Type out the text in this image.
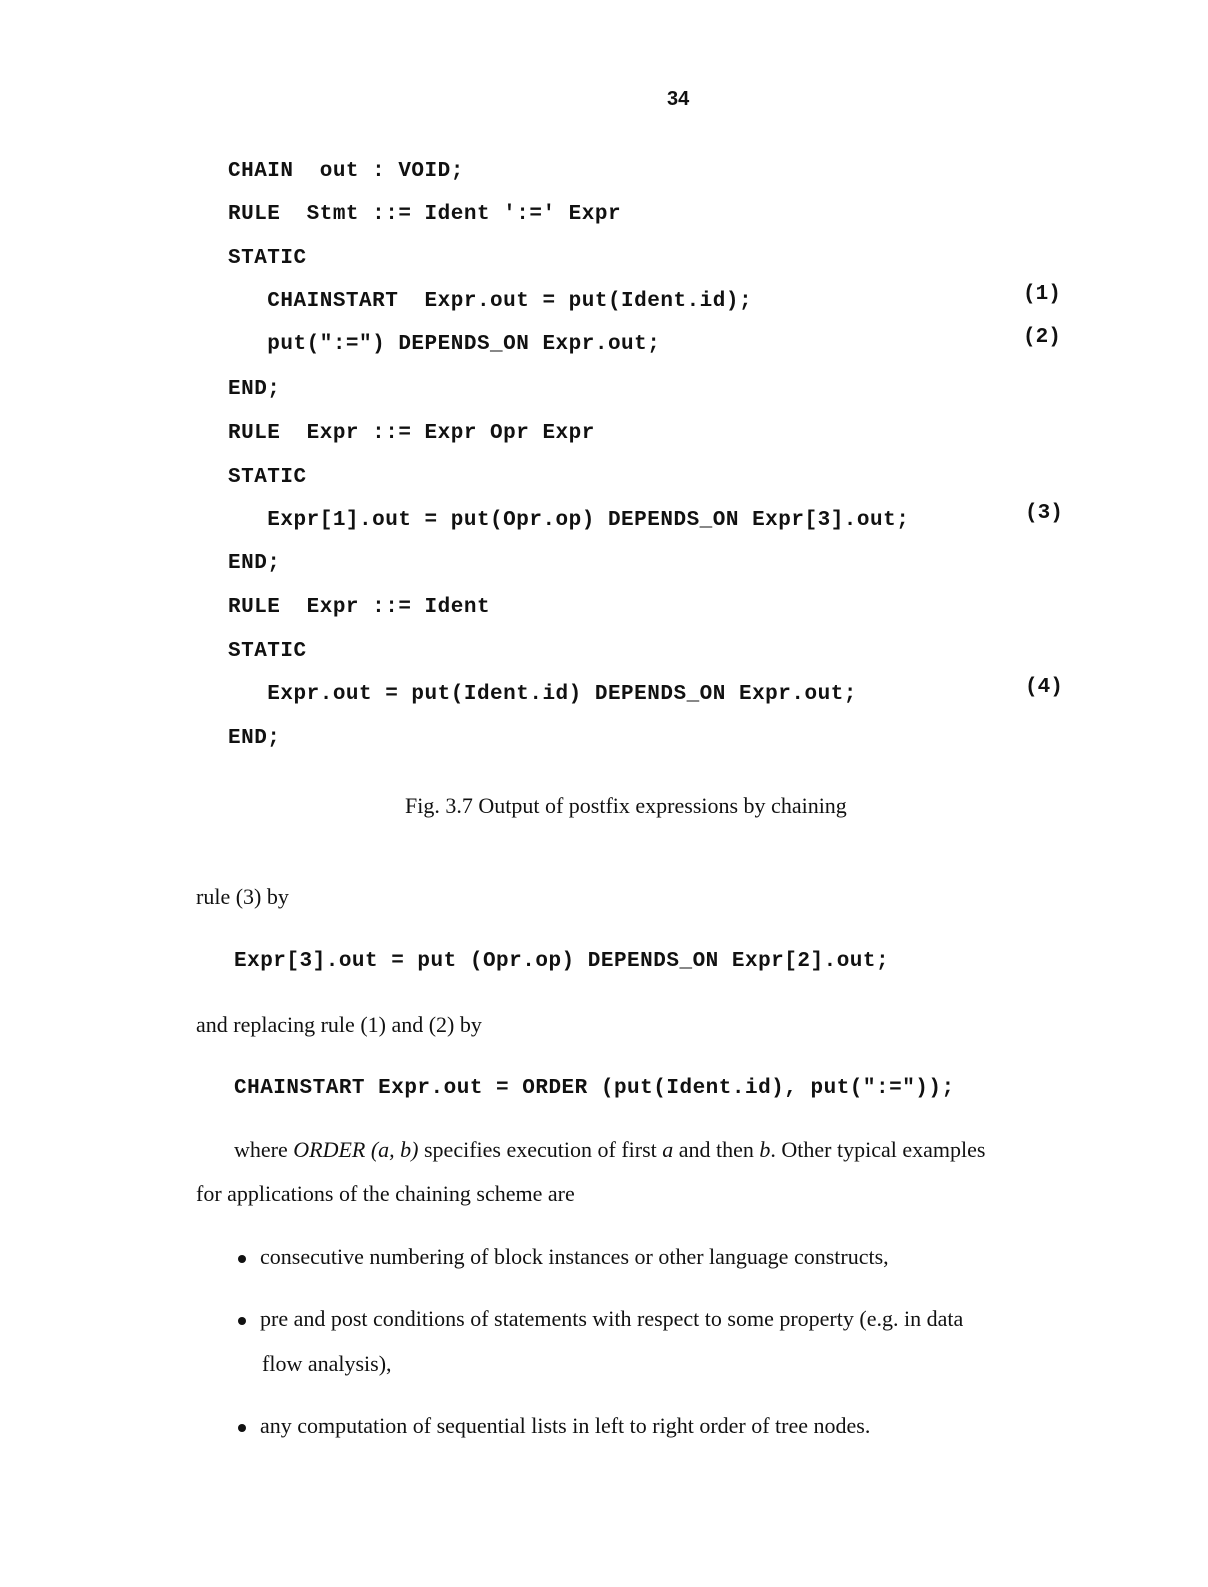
34
CHAIN  out : VOID;
RULE  Stmt ::= Ident ':=' Expr
STATIC
CHAINSTART  Expr.out = put(Ident.id);	(1)
put(":=") DEPENDS_ON Expr.out;	(2)
END;
RULE  Expr ::= Expr Opr Expr
STATIC
Expr[1].out = put(Opr.op) DEPENDS_ON Expr[3].out;	(3)
END;
RULE  Expr ::= Ident
STATIC
Expr.out = put(Ident.id) DEPENDS_ON Expr.out;	(4)
END;
Fig. 3.7 Output of postfix expressions by chaining
rule (3) by
Expr[3].out = put (Opr.op) DEPENDS_ON Expr[2].out;
and replacing rule (1) and (2) by
CHAINSTART Expr.out = ORDER (put(Ident.id), put(":="));
where ORDER (a, b) specifies execution of first a and then b. Other typical examples
for applications of the chaining scheme are
consecutive numbering of block instances or other language constructs,
pre and post conditions of statements with respect to some property (e.g. in data
flow analysis),
any computation of sequential lists in left to right order of tree nodes.
